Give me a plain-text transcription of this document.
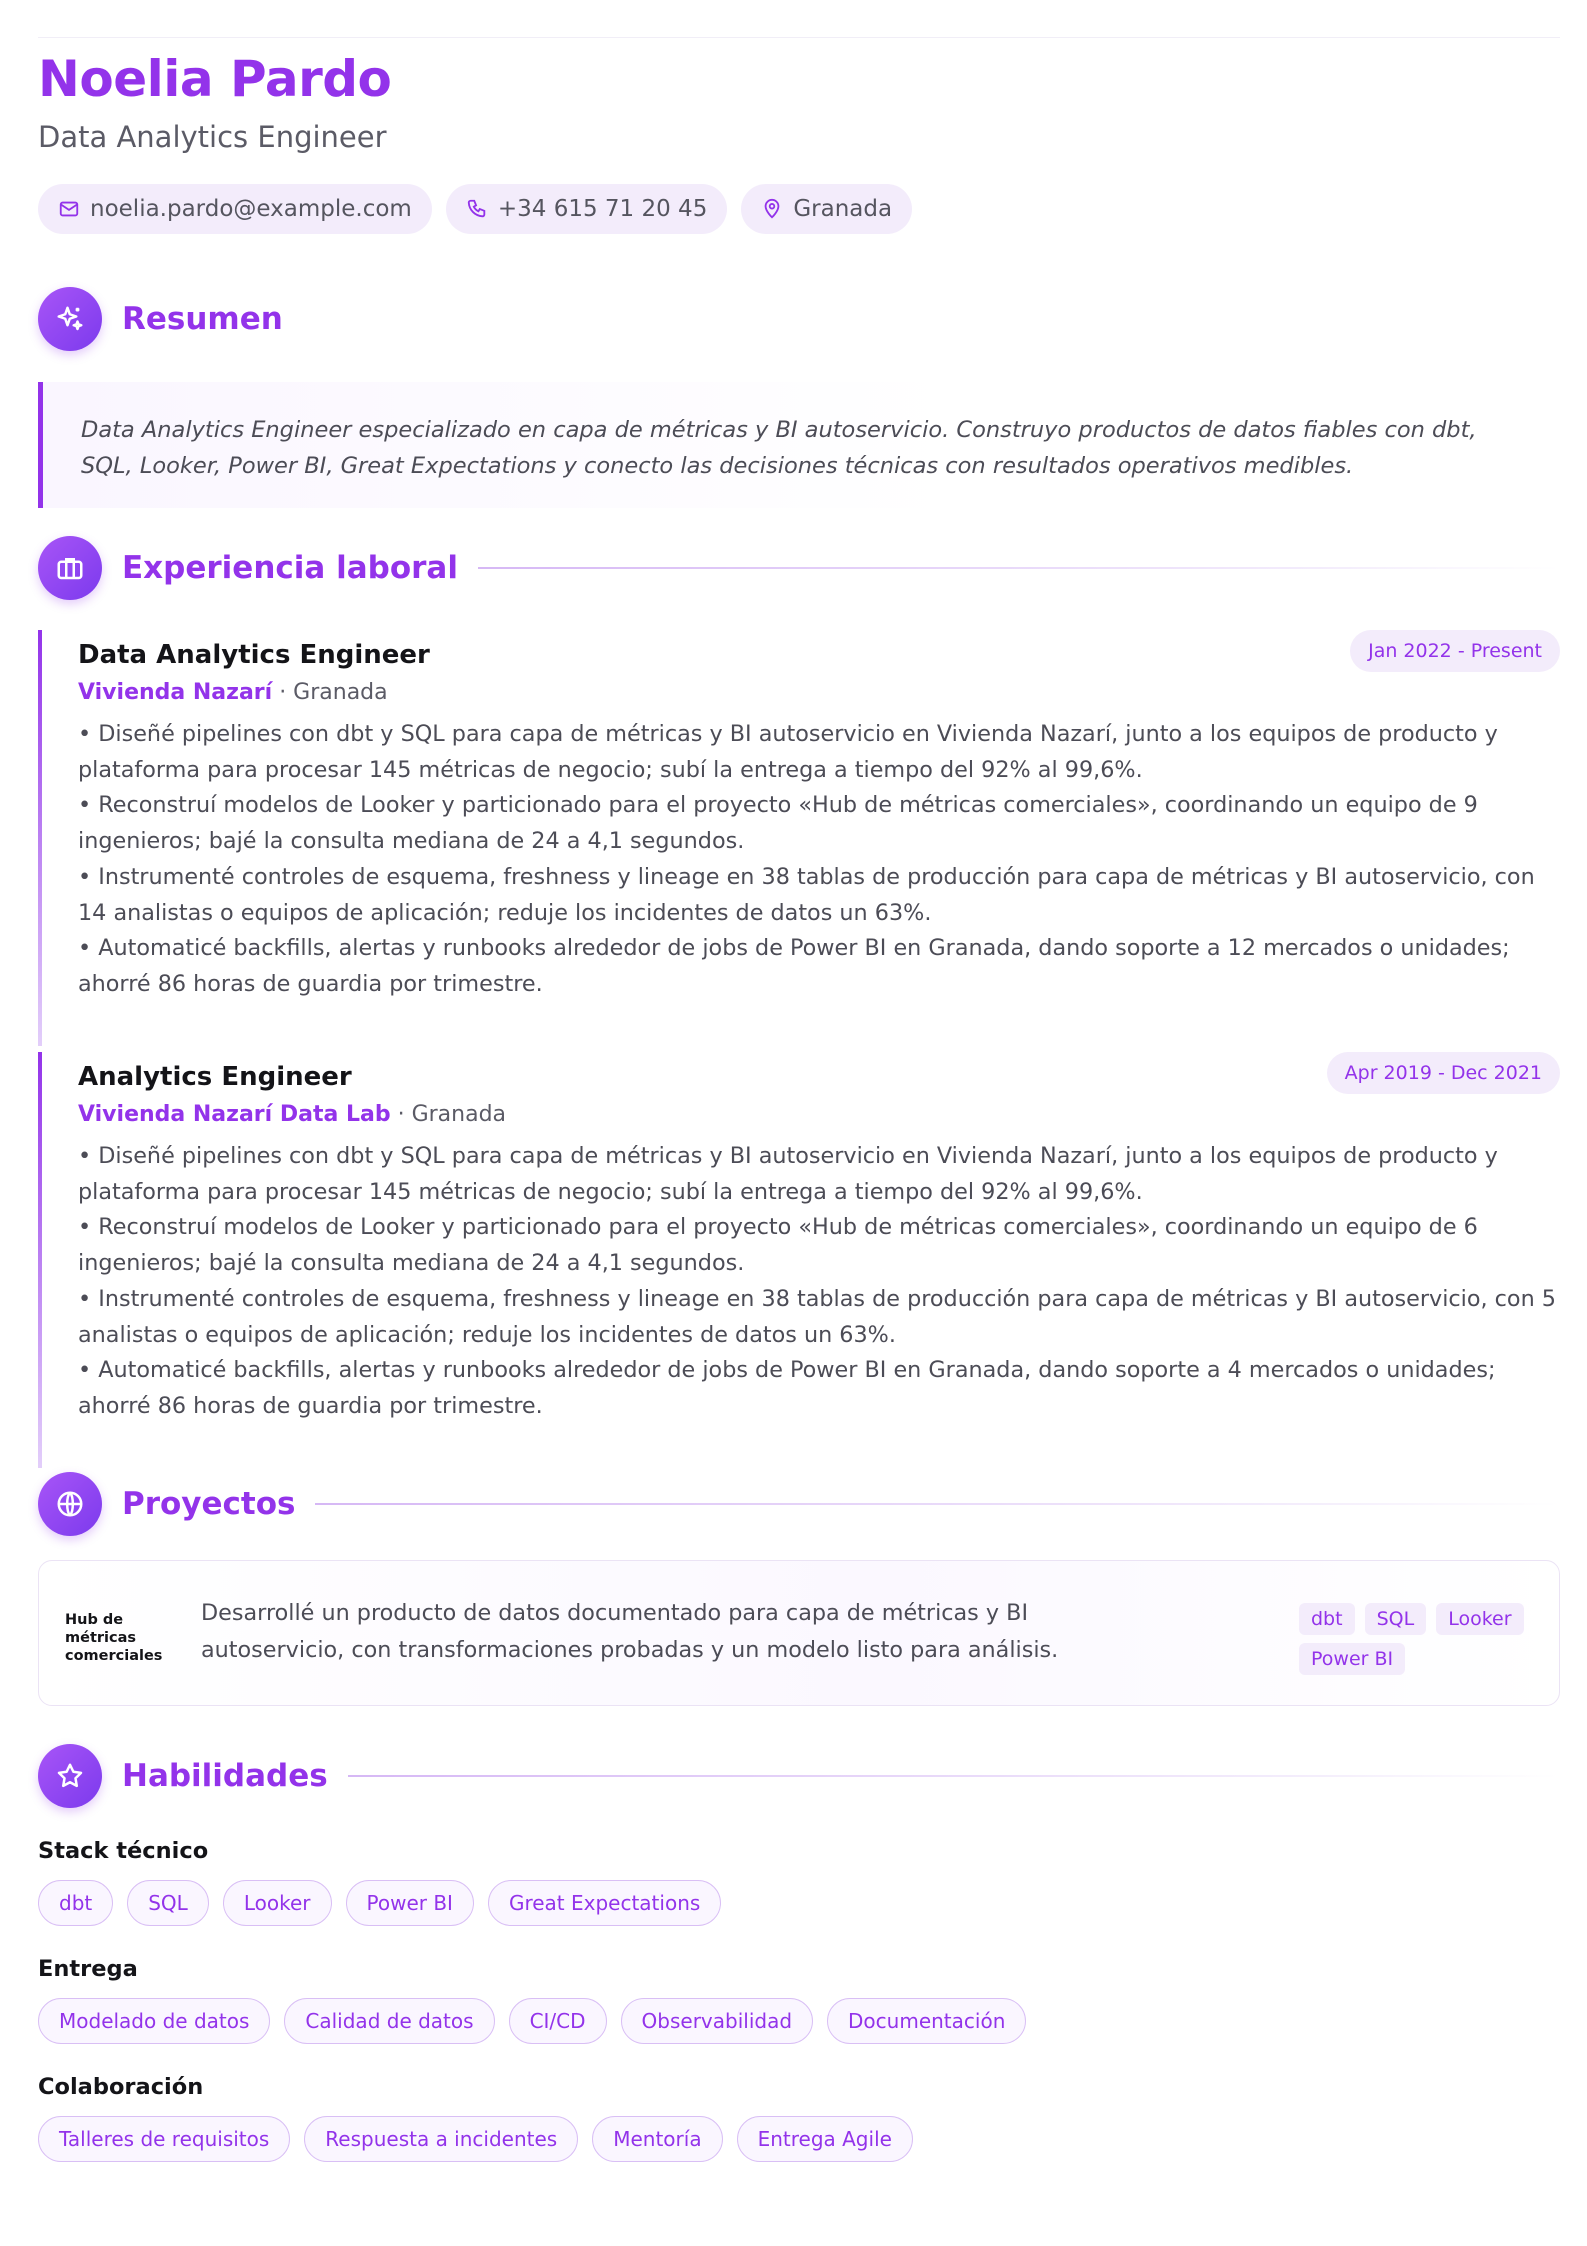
Noelia Pardo
Data Analytics Engineer
noelia.pardo@example.com	+34 615 71 20 45	Granada
Resumen
Data Analytics Engineer especializado en capa de métricas y BI autoservicio. Construyo productos de datos fiables con dbt, SQL, Looker, Power BI, Great Expectations y conecto las decisiones técnicas con resultados operativos medibles.
Experiencia laboral
Jan 2022 - Present
Data Analytics Engineer
Vivienda Nazarí · Granada
• Diseñé pipelines con dbt y SQL para capa de métricas y BI autoservicio en Vivienda Nazarí, junto a los equipos de producto y plataforma para procesar 145 métricas de negocio; subí la entrega a tiempo del 92% al 99,6%.
• Reconstruí modelos de Looker y particionado para el proyecto «Hub de métricas comerciales», coordinando un equipo de 9 ingenieros; bajé la consulta mediana de 24 a 4,1 segundos.
• Instrumenté controles de esquema, freshness y lineage en 38 tablas de producción para capa de métricas y BI autoservicio, con 14 analistas o equipos de aplicación; reduje los incidentes de datos un 63%.
• Automaticé backfills, alertas y runbooks alrededor de jobs de Power BI en Granada, dando soporte a 12 mercados o unidades; ahorré 86 horas de guardia por trimestre.
Apr 2019 - Dec 2021
Analytics Engineer
Vivienda Nazarí Data Lab · Granada
• Diseñé pipelines con dbt y SQL para capa de métricas y BI autoservicio en Vivienda Nazarí, junto a los equipos de producto y plataforma para procesar 145 métricas de negocio; subí la entrega a tiempo del 92% al 99,6%.
• Reconstruí modelos de Looker y particionado para el proyecto «Hub de métricas comerciales», coordinando un equipo de 6 ingenieros; bajé la consulta mediana de 24 a 4,1 segundos.
• Instrumenté controles de esquema, freshness y lineage en 38 tablas de producción para capa de métricas y BI autoservicio, con 5 analistas o equipos de aplicación; reduje los incidentes de datos un 63%.
• Automaticé backfills, alertas y runbooks alrededor de jobs de Power BI en Granada, dando soporte a 4 mercados o unidades; ahorré 86 horas de guardia por trimestre.
Proyectos
Hub de métricas comerciales
Desarrollé un producto de datos documentado para capa de métricas y BI autoservicio, con transformaciones probadas y un modelo listo para análisis.
dbt	SQL	Looker
Power BI
Habilidades
Stack técnico
dbt	SQL	Looker	Power BI	Great Expectations
Entrega
Modelado de datos	Calidad de datos	CI/CD	Observabilidad	Documentación
Colaboración
Talleres de requisitos	Respuesta a incidentes	Mentoría	Entrega Agile
